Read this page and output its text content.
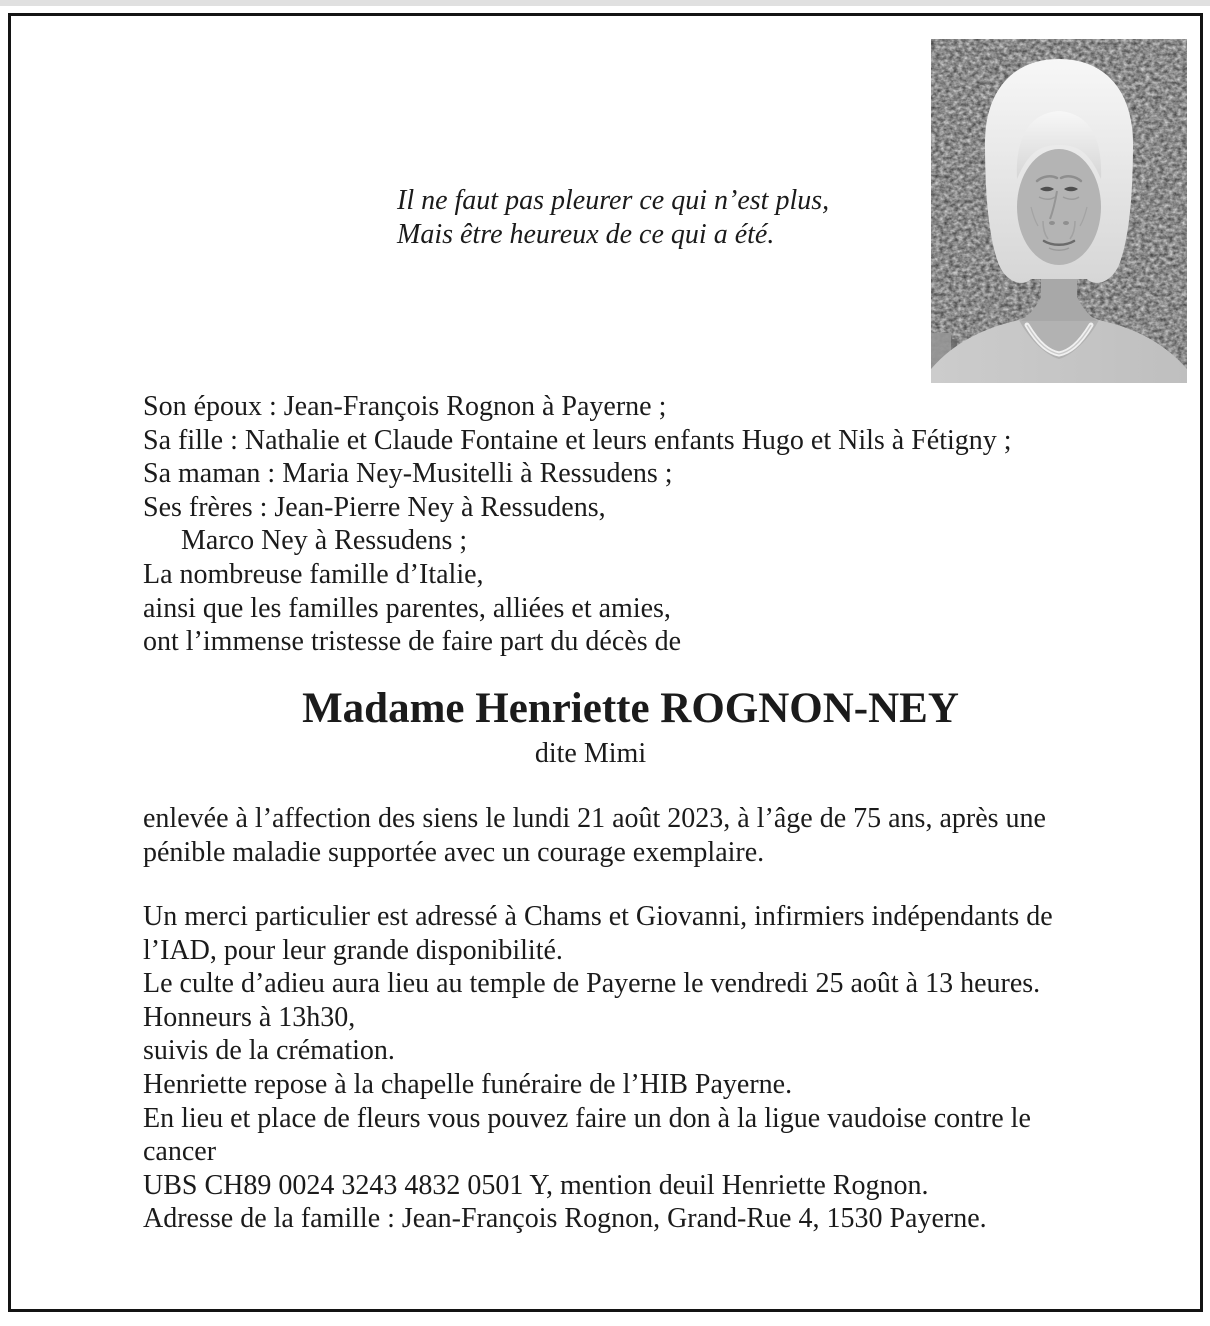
Il ne faut pas pleurer ce qui n’est plus,
Mais être heureux de ce qui a été.
Son époux : Jean-François Rognon à Payerne ;
Sa fille : Nathalie et Claude Fontaine et leurs enfants Hugo et Nils à Fétigny ;
Sa maman : Maria Ney-Musitelli à Ressudens ;
Ses frères : Jean-Pierre Ney à Ressudens,
Marco Ney à Ressudens ;
La nombreuse famille d’Italie,
ainsi que les familles parentes, alliées et amies,
ont l’immense tristesse de faire part du décès de
Madame Henriette ROGNON-NEY
dite Mimi
enlevée à l’affection des siens le lundi 21 août 2023, à l’âge de 75 ans, après une
pénible maladie supportée avec un courage exemplaire.
Un merci particulier est adressé à Chams et Giovanni, infirmiers indépendants de
l’IAD, pour leur grande disponibilité.
Le culte d’adieu aura lieu au temple de Payerne le vendredi 25 août à 13 heures.
Honneurs à 13h30,
suivis de la crémation.
Henriette repose à la chapelle funéraire de l’HIB Payerne.
En lieu et place de fleurs vous pouvez faire un don à la ligue vaudoise contre le
cancer
UBS CH89 0024 3243 4832 0501 Y, mention deuil Henriette Rognon.
Adresse de la famille : Jean-François Rognon, Grand-Rue 4, 1530 Payerne.
